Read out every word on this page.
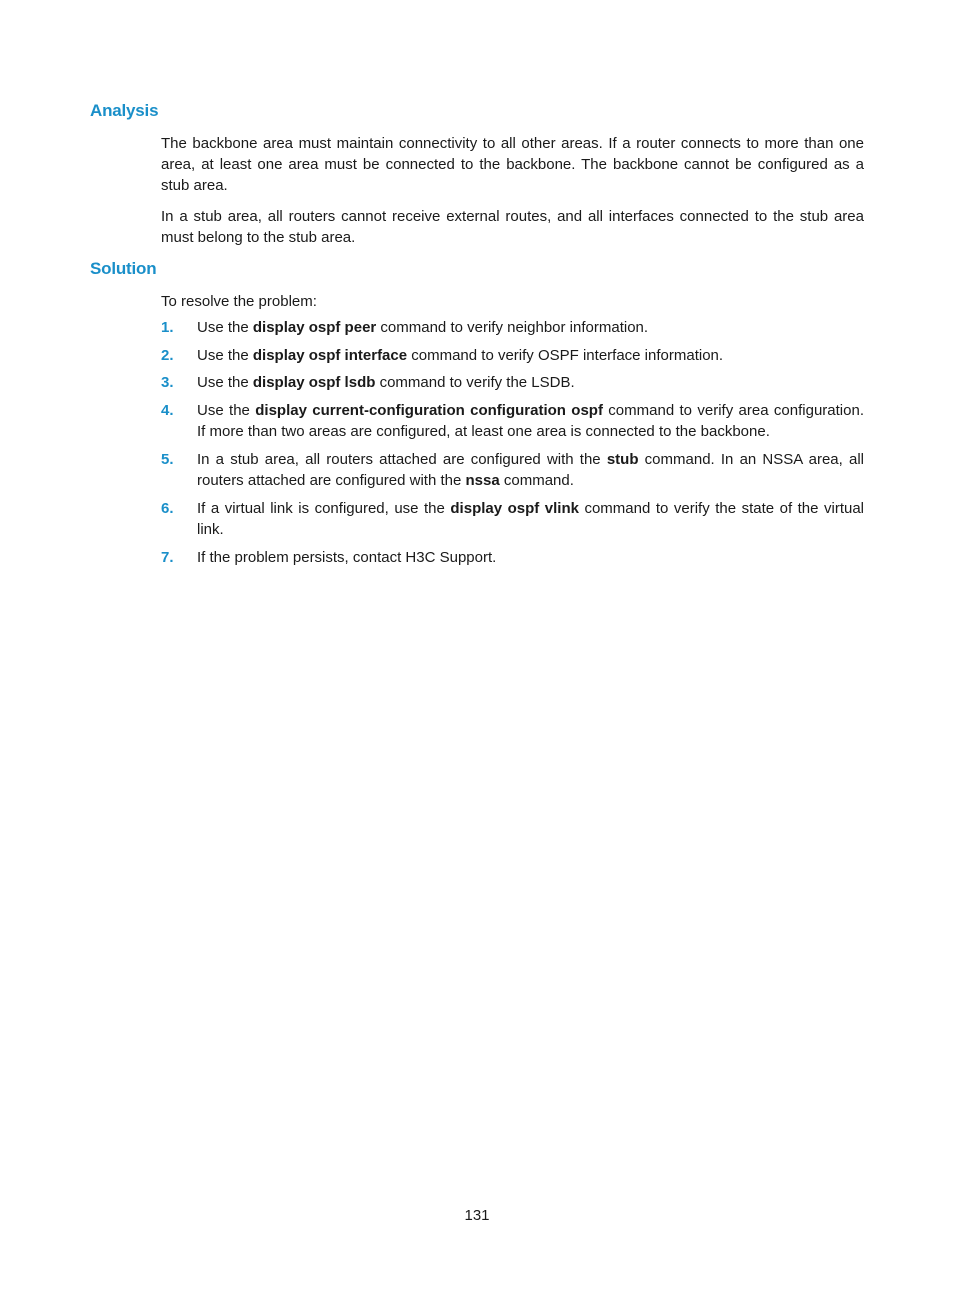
Analysis

The backbone area must maintain connectivity to all other areas. If a router connects to more than one area, at least one area must be connected to the backbone. The backbone cannot be configured as a stub area.

In a stub area, all routers cannot receive external routes, and all interfaces connected to the stub area must belong to the stub area.

Solution

To resolve the problem:

1. Use the display ospf peer command to verify neighbor information.
2. Use the display ospf interface command to verify OSPF interface information.
3. Use the display ospf lsdb command to verify the LSDB.
4. Use the display current-configuration configuration ospf command to verify area configuration. If more than two areas are configured, at least one area is connected to the backbone.
5. In a stub area, all routers attached are configured with the stub command. In an NSSA area, all routers attached are configured with the nssa command.
6. If a virtual link is configured, use the display ospf vlink command to verify the state of the virtual link.
7. If the problem persists, contact H3C Support.
131
